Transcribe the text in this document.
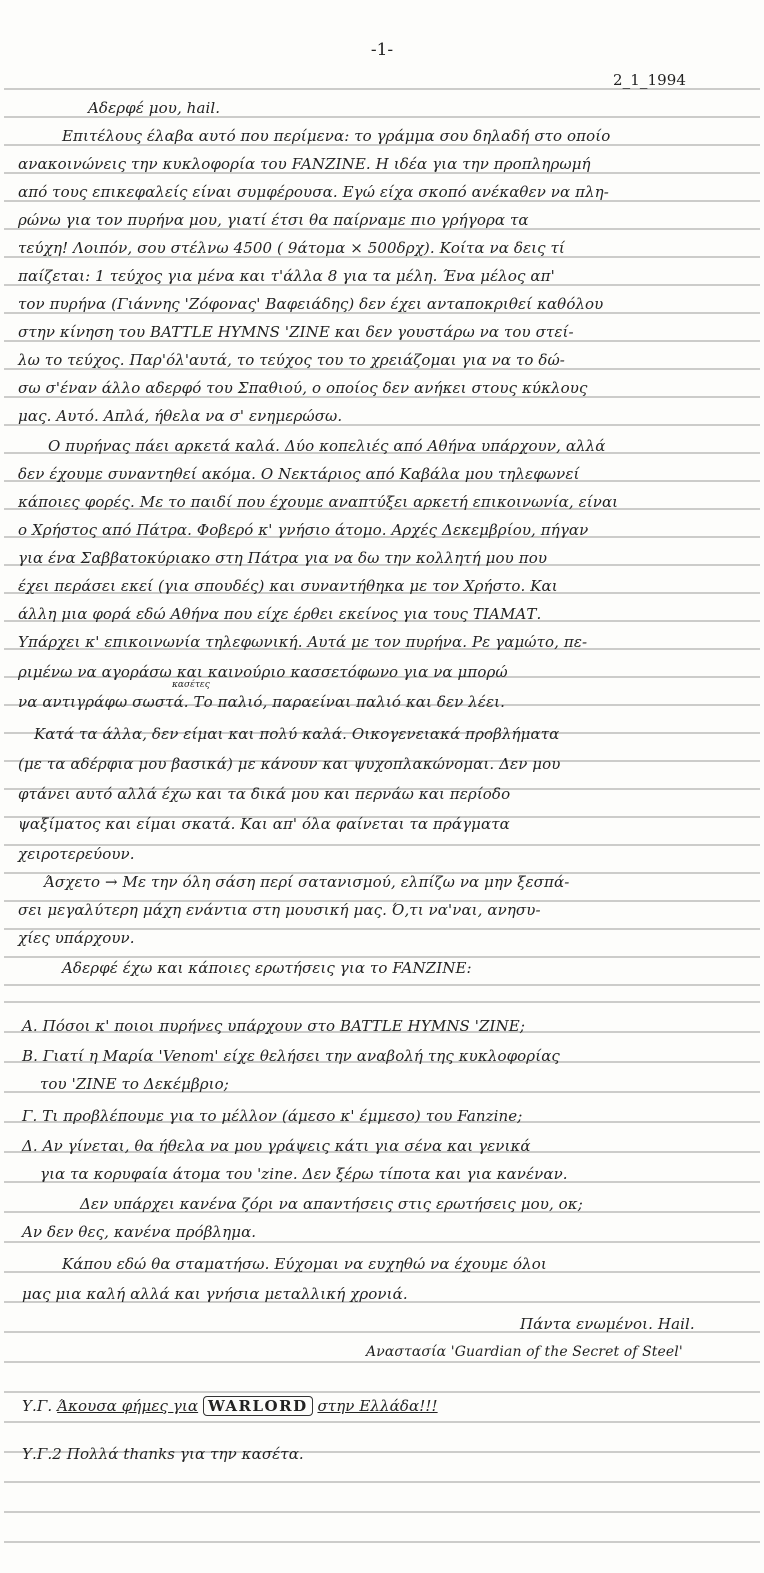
-1-
2_1_1994
Αδερφέ μου, hail.
Επιτέλους έλαβα αυτό που περίμενα: το γράμμα σου δηλαδή στο οποίο
ανακοινώνεις την κυκλοφορία του FANZINE. Η ιδέα για την προπληρωμή
από τους επικεφαλείς είναι συμφέρουσα. Εγώ είχα σκοπό ανέκαθεν να πλη-
ρώνω για τον πυρήνα μου, γιατί έτσι θα παίρναμε πιο γρήγορα τα
τεύχη! Λοιπόν, σου στέλνω 4500 ( 9άτομα × 500δρχ). Κοίτα να δεις τί
παίζεται: 1 τεύχος για μένα και τ'άλλα 8 για τα μέλη. Ένα μέλος απ'
τον πυρήνα (Γιάννης 'Ζόφονας' Βαφειάδης) δεν έχει ανταποκριθεί καθόλου
στην κίνηση του BATTLE HYMNS 'ZINE και δεν γουστάρω να του στεί-
λω το τεύχος. Παρ'όλ'αυτά, το τεύχος του το χρειάζομαι για να το δώ-
σω σ'έναν άλλο αδερφό του Σπαθιού, ο οποίος δεν ανήκει στους κύκλους
μας. Αυτό. Απλά, ήθελα να σ' ενημερώσω.
Ο πυρήνας πάει αρκετά καλά. Δύο κοπελιές από Αθήνα υπάρχουν, αλλά
δεν έχουμε συναντηθεί ακόμα. Ο Νεκτάριος από Καβάλα μου τηλεφωνεί
κάποιες φορές. Με το παιδί που έχουμε αναπτύξει αρκετή επικοινωνία, είναι
ο Χρήστος από Πάτρα. Φοβερό κ' γνήσιο άτομο. Αρχές Δεκεμβρίου, πήγαν
για ένα Σαββατοκύριακο στη Πάτρα για να δω την κολλητή μου που
έχει περάσει εκεί (για σπουδές) και συναντήθηκα με τον Χρήστο. Και
άλλη μια φορά εδώ Αθήνα που είχε έρθει εκείνος για τους ΤΙΑΜΑΤ.
Υπάρχει κ' επικοινωνία τηλεφωνική. Αυτά με τον πυρήνα. Pε γαμώτο, πε-
ριμένω να αγοράσω και καινούριο κασσετόφωνο για να μπορώ
κασέτες
να αντιγράφω σωστά. Το παλιό, παραείναι παλιό και δεν λέει.
Κατά τα άλλα, δεν είμαι και πολύ καλά. Οικογενειακά προβλήματα
(με τα αδέρφια μου βασικά) με κάνουν και ψυχοπλακώνομαι. Δεν μου
φτάνει αυτό αλλά έχω και τα δικά μου και περνάω και περίοδο
ψαξίματος και είμαι σκατά. Και απ' όλα φαίνεται τα πράγματα
χειροτερεύουν.
Άσχετο → Με την όλη σάση περί σατανισμού, ελπίζω να μην ξεσπά-
σει μεγαλύτερη μάχη ενάντια στη μουσική μας. Ό,τι να'ναι, ανησυ-
χίες υπάρχουν.
Αδερφέ έχω και κάποιες ερωτήσεις για το FANZINE:
Α. Πόσοι κ' ποιοι πυρήνες υπάρχουν στο BATTLE HYMNS 'ZINE;
Β. Γιατί η Μαρία 'Venom' είχε θελήσει την αναβολή της κυκλοφορίας
του 'ZINE το Δεκέμβριο;
Γ. Τι προβλέπουμε για το μέλλον (άμεσο κ' έμμεσο) του Fanzine;
Δ. Αν γίνεται, θα ήθελα να μου γράψεις κάτι για σένα και γενικά
για τα κορυφαία άτομα του 'zine. Δεν ξέρω τίποτα και για κανέναν.
Δεν υπάρχει κανένα ζόρι να απαντήσεις στις ερωτήσεις μου, οκ;
Αν δεν θες, κανένα πρόβλημα.
Κάπου εδώ θα σταματήσω. Εύχομαι να ευχηθώ να έχουμε όλοι
μας μια καλή αλλά και γνήσια μεταλλική χρονιά.
Πάντα ενωμένοι. Hail.
Αναστασία 'Guardian of the Secret of Steel'
Υ.Γ. Άκουσα φήμες για WARLORD στην Ελλάδα!!!
Υ.Γ.2 Πολλά thanks για την κασέτα.
